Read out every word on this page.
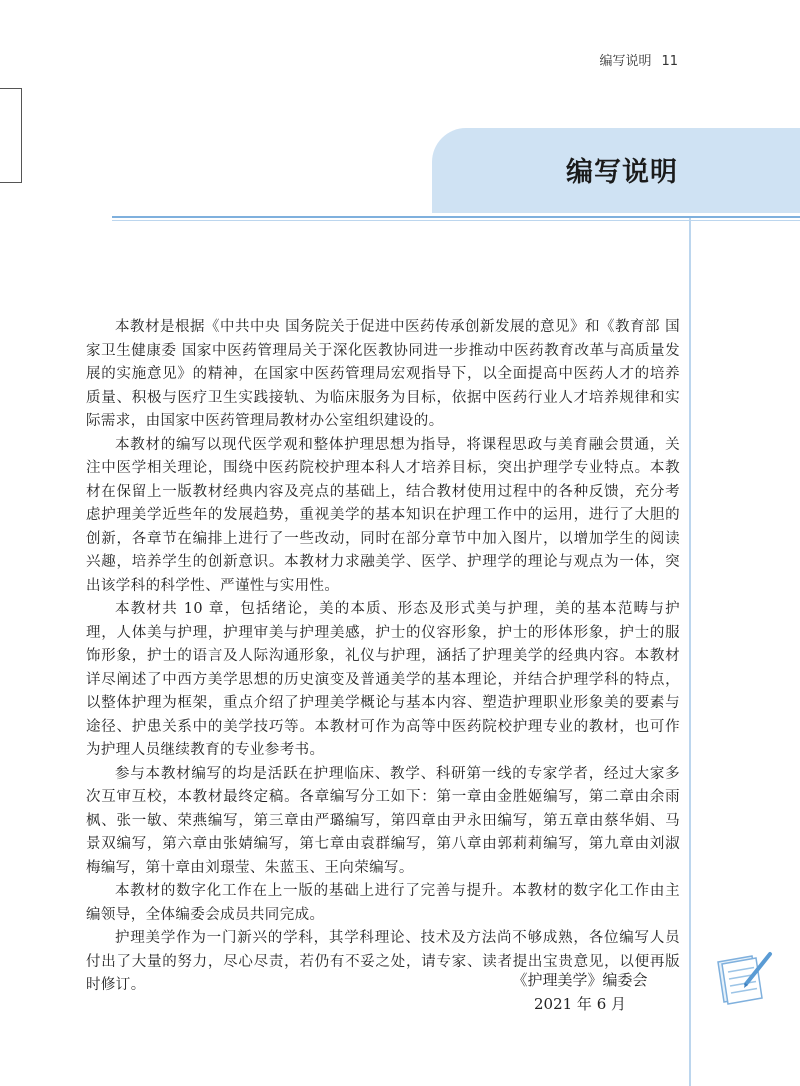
编写说明 11
编写说明

本教材是根据《中共中央 国务院关于促进中医药传承创新发展的意见》和《教育部 国家卫生健康委 国家中医药管理局关于深化医教协同进一步推动中医药教育改革与高质量发展的实施意见》的精神，在国家中医药管理局宏观指导下，以全面提高中医药人才的培养质量、积极与医疗卫生实践接轨、为临床服务为目标，依据中医药行业人才培养规律和实际需求，由国家中医药管理局教材办公室组织建设的。

本教材的编写以现代医学观和整体护理思想为指导，将课程思政与美育融会贯通，关注中医学相关理论，围绕中医药院校护理本科人才培养目标，突出护理学专业特点。本教材在保留上一版教材经典内容及亮点的基础上，结合教材使用过程中的各种反馈，充分考虑护理美学近些年的发展趋势，重视美学的基本知识在护理工作中的运用，进行了大胆的创新，各章节在编排上进行了一些改动，同时在部分章节中加入图片，以增加学生的阅读兴趣，培养学生的创新意识。本教材力求融美学、医学、护理学的理论与观点为一体，突出该学科的科学性、严谨性与实用性。

本教材共 10 章，包括绪论，美的本质、形态及形式美与护理，美的基本范畴与护理，人体美与护理，护理审美与护理美感，护士的仪容形象，护士的形体形象，护士的服饰形象，护士的语言及人际沟通形象，礼仪与护理，涵括了护理美学的经典内容。本教材详尽阐述了中西方美学思想的历史演变及普通美学的基本理论，并结合护理学科的特点，以整体护理为框架，重点介绍了护理美学概论与基本内容、塑造护理职业形象美的要素与途径、护患关系中的美学技巧等。本教材可作为高等中医药院校护理专业的教材，也可作为护理人员继续教育的专业参考书。

参与本教材编写的均是活跃在护理临床、教学、科研第一线的专家学者，经过大家多次互审互校，本教材最终定稿。各章编写分工如下：第一章由金胜姬编写，第二章由余雨枫、张一敏、荣燕编写，第三章由严璐编写，第四章由尹永田编写，第五章由蔡华娟、马景双编写，第六章由张婧编写，第七章由袁群编写，第八章由郭莉莉编写，第九章由刘淑梅编写，第十章由刘璟莹、朱蓝玉、王向荣编写。

本教材的数字化工作在上一版的基础上进行了完善与提升。本教材的数字化工作由主编领导，全体编委会成员共同完成。

护理美学作为一门新兴的学科，其学科理论、技术及方法尚不够成熟，各位编写人员付出了大量的努力，尽心尽责，若仍有不妥之处，请专家、读者提出宝贵意见，以便再版时修订。	《护理美学》编委会
2021 年 6 月
